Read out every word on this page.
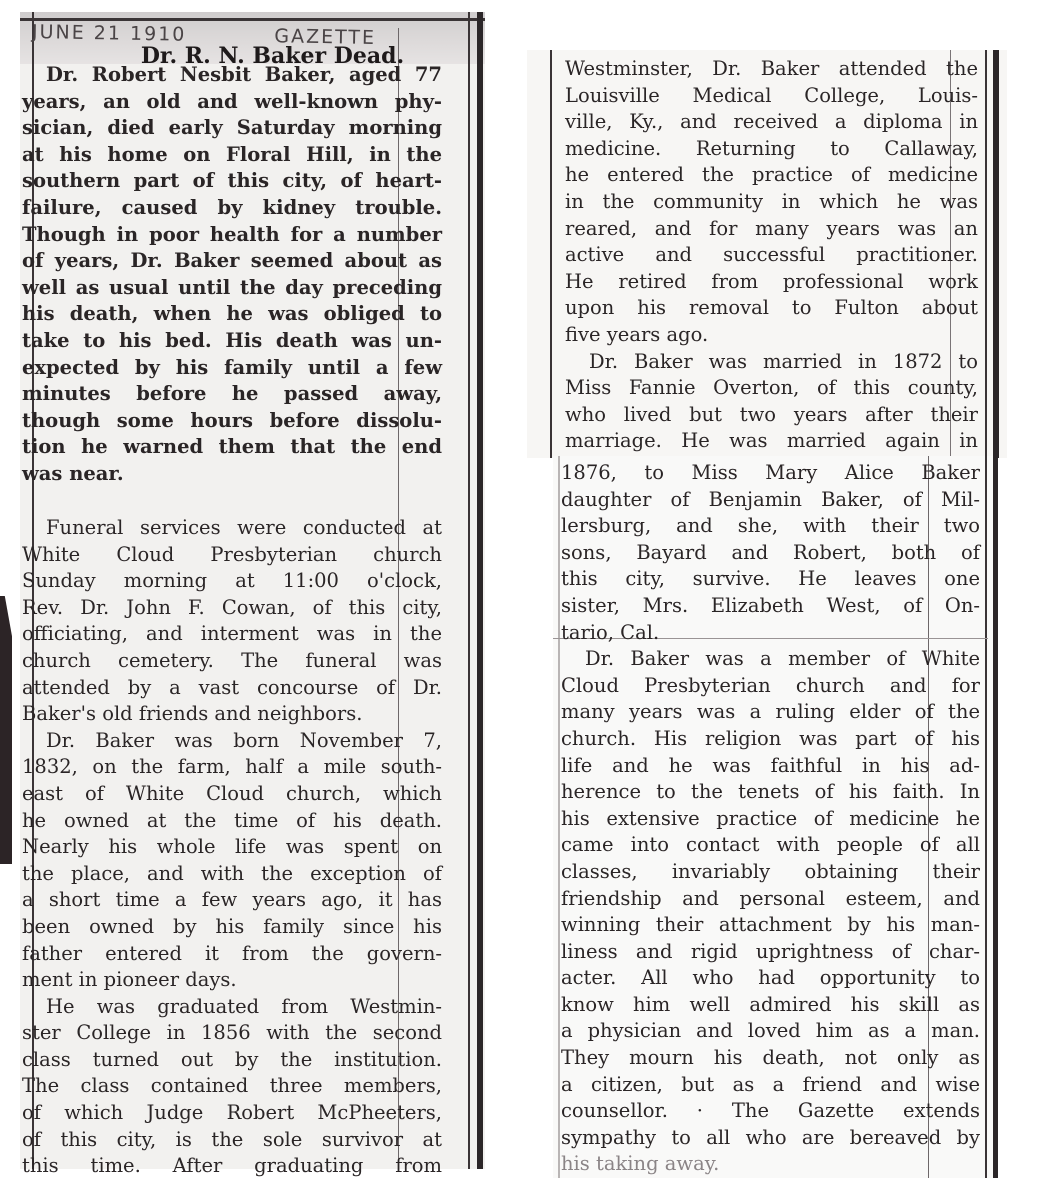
JUNE 21 1910	GAZETTE
Dr. R. N. Baker Dead.
Dr. Robert Nesbit Baker, aged 77
years, an old and well-known phy-
sician, died early Saturday morning
at his home on Floral Hill, in the
southern part of this city, of heart-
failure, caused by kidney trouble.
Though in poor health for a number
of years, Dr. Baker seemed about as
well as usual until the day preceding
his death, when he was obliged to
take to his bed. His death was un-
expected by his family until a few
minutes before he passed away,
though some hours before dissolu-
tion he warned them that the end
was near.
Funeral services were conducted at
White Cloud Presbyterian church
Sunday morning at 11:00 o'clock,
Rev. Dr. John F. Cowan, of this city,
officiating, and interment was in the
church cemetery. The funeral was
attended by a vast concourse of Dr.
Baker's old friends and neighbors.
Dr. Baker was born November 7,
1832, on the farm, half a mile south-
east of White Cloud church, which
he owned at the time of his death.
Nearly his whole life was spent on
the place, and with the exception of
a short time a few years ago, it has
been owned by his family since his
father entered it from the govern-
ment in pioneer days.
He was graduated from Westmin-
ster College in 1856 with the second
class turned out by the institution.
The class contained three members,
of which Judge Robert McPheeters,
of this city, is the sole survivor at
this time. After graduating from
Westminster, Dr. Baker attended the
Louisville Medical College, Louis-
ville, Ky., and received a diploma in
medicine. Returning to Callaway,
he entered the practice of medicine
in the community in which he was
reared, and for many years was an
active and successful practitioner.
He retired from professional work
upon his removal to Fulton about
five years ago.
Dr. Baker was married in 1872 to
Miss Fannie Overton, of this county,
who lived but two years after their
marriage. He was married again in
1876, to Miss Mary Alice Baker
daughter of Benjamin Baker, of Mil-
lersburg, and she, with their two
sons, Bayard and Robert, both of
this city, survive. He leaves one
sister, Mrs. Elizabeth West, of On-
tario, Cal.
Dr. Baker was a member of White
Cloud Presbyterian church and for
many years was a ruling elder of the
church. His religion was part of his
life and he was faithful in his ad-
herence to the tenets of his faith. In
his extensive practice of medicine he
came into contact with people of all
classes, invariably obtaining their
friendship and personal esteem, and
winning their attachment by his man-
liness and rigid uprightness of char-
acter. All who had opportunity to
know him well admired his skill as
a physician and loved him as a man.
They mourn his death, not only as
a citizen, but as a friend and wise
counsellor. · The Gazette extends
sympathy to all who are bereaved by
his taking away.
